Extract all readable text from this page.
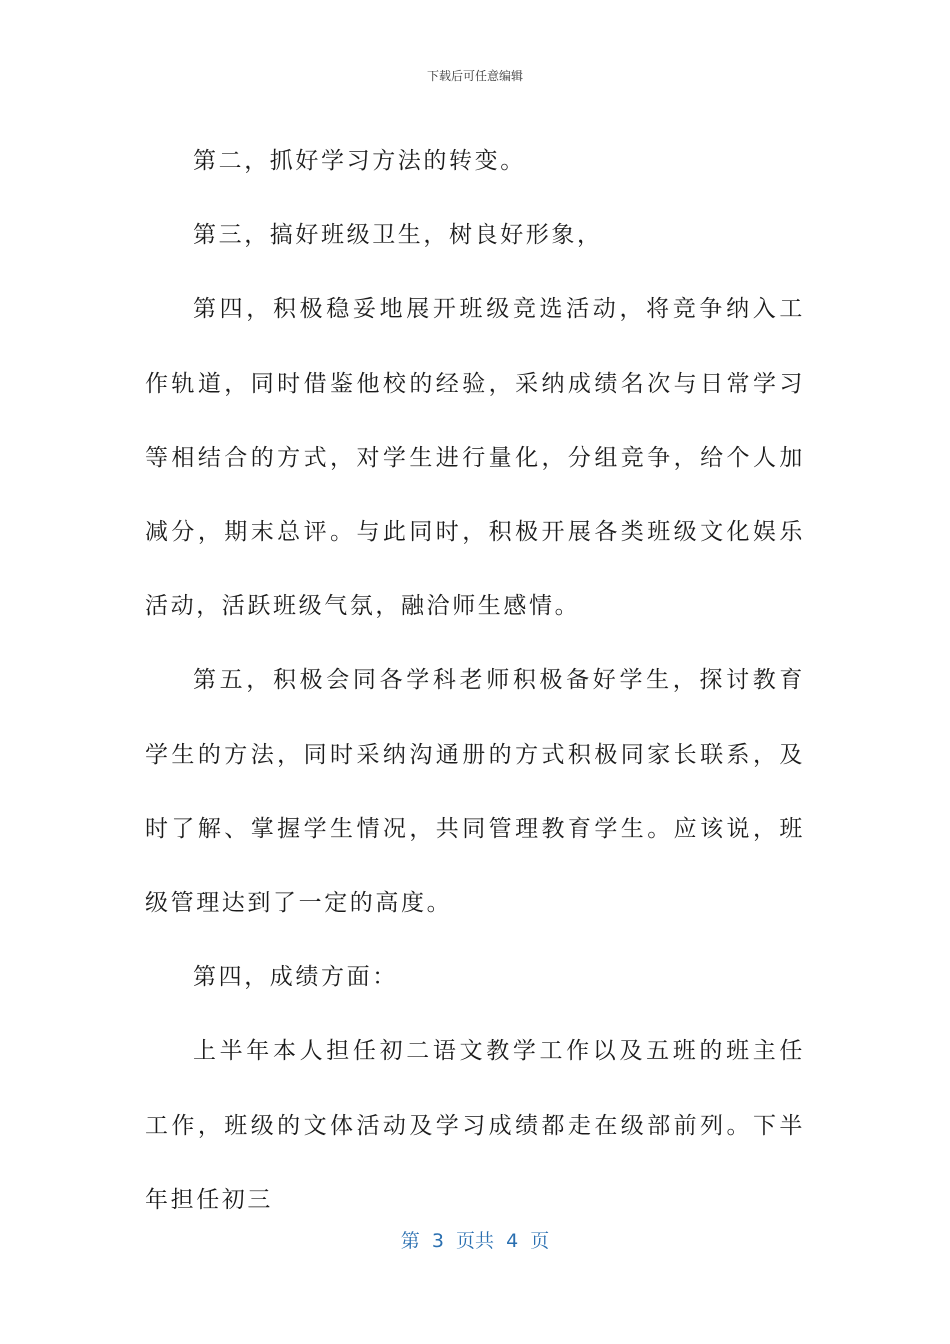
下载后可任意编辑

第二，抓好学习方法的转变。

第三，搞好班级卫生，树良好形象，

第四，积极稳妥地展开班级竞选活动，将竞争纳入工作轨道，同时借鉴他校的经验，采纳成绩名次与日常学习等相结合的方式，对学生进行量化，分组竞争，给个人加减分，期末总评。与此同时，积极开展各类班级文化娱乐活动，活跃班级气氛，融洽师生感情。

第五，积极会同各学科老师积极备好学生，探讨教育学生的方法，同时采纳沟通册的方式积极同家长联系，及时了解、掌握学生情况，共同管理教育学生。应该说，班级管理达到了一定的高度。

第四，成绩方面：

上半年本人担任初二语文教学工作以及五班的班主任工作，班级的文体活动及学习成绩都走在级部前列。下半年担任初三

第  3  页共  4  页
